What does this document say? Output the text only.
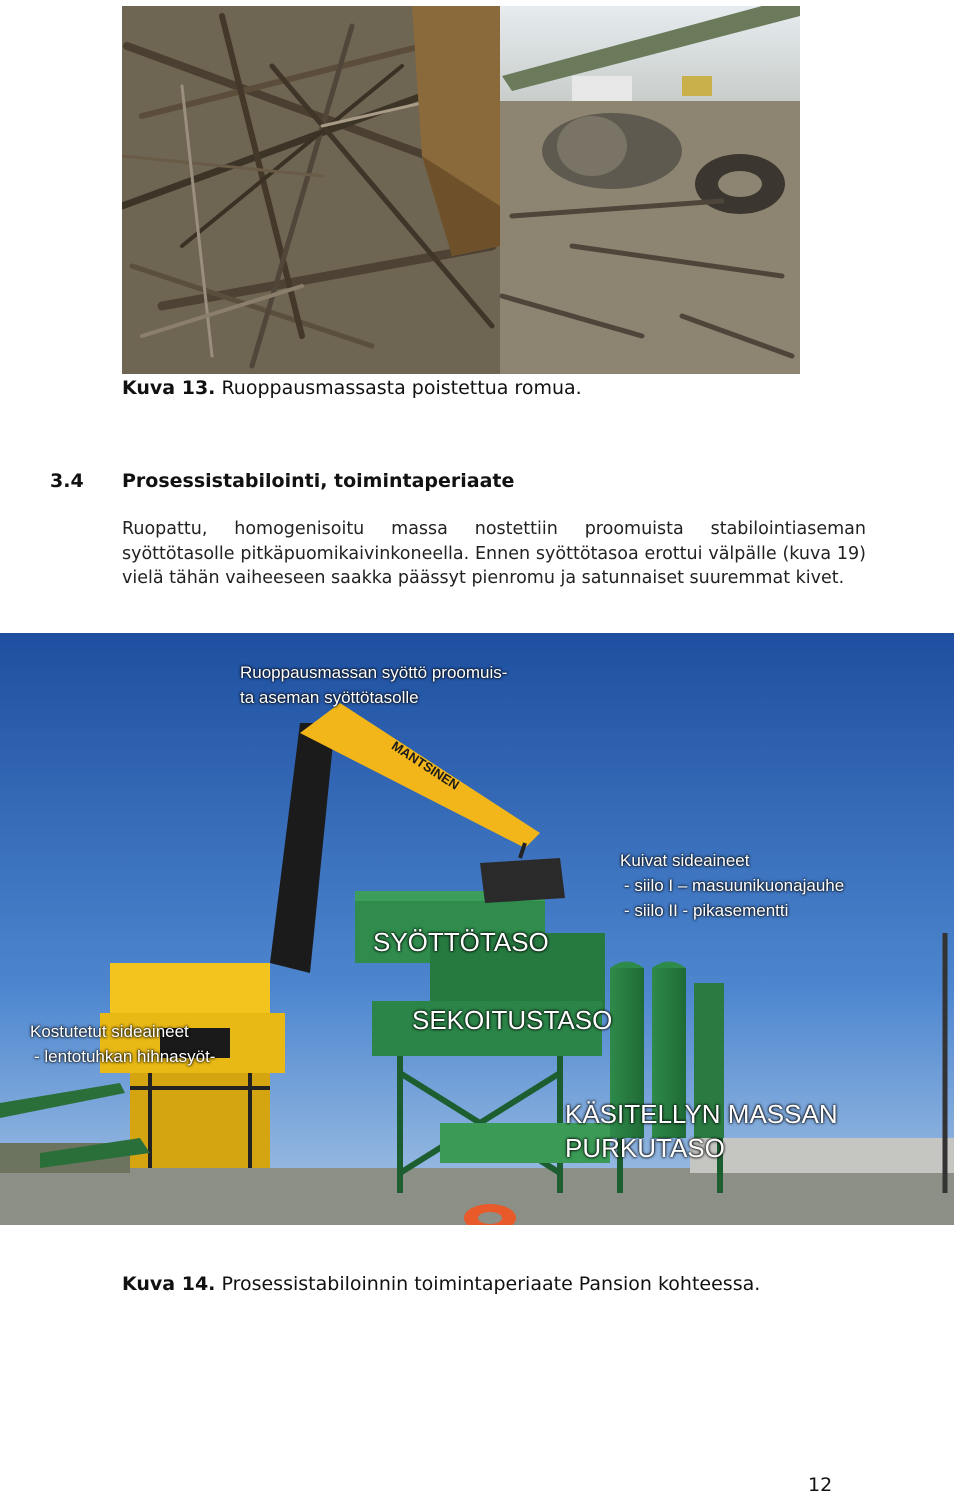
Kuva 13. Ruoppausmassasta poistettua romua.
3.4 Prosessistabilointi, toimintaperiaate
Ruopattu, homogenisoitu massa nostettiin proomuista stabilointiaseman syöttötasolle pitkäpuomikaivinkoneella. Ennen syöttötasoa erottui välpälle (kuva 19) vielä tähän vaiheeseen saakka päässyt pienromu ja satunnaiset suuremmat kivet.
MANTSINEN
Ruoppausmassan syöttö proomuis-
ta aseman syöttötasolle
Kuivat sideaineet
- siilo I – masuunikuonajauhe
- siilo II - pikasementti
SYÖTTÖTASO
Kostutetut sideaineet
- lentotuhkan hihnasyöt-
SEKOITUSTASO
KÄSITELLYN MASSAN
PURKUTASO
Kuva 14. Prosessistabiloinnin toimintaperiaate Pansion kohteessa.
12
